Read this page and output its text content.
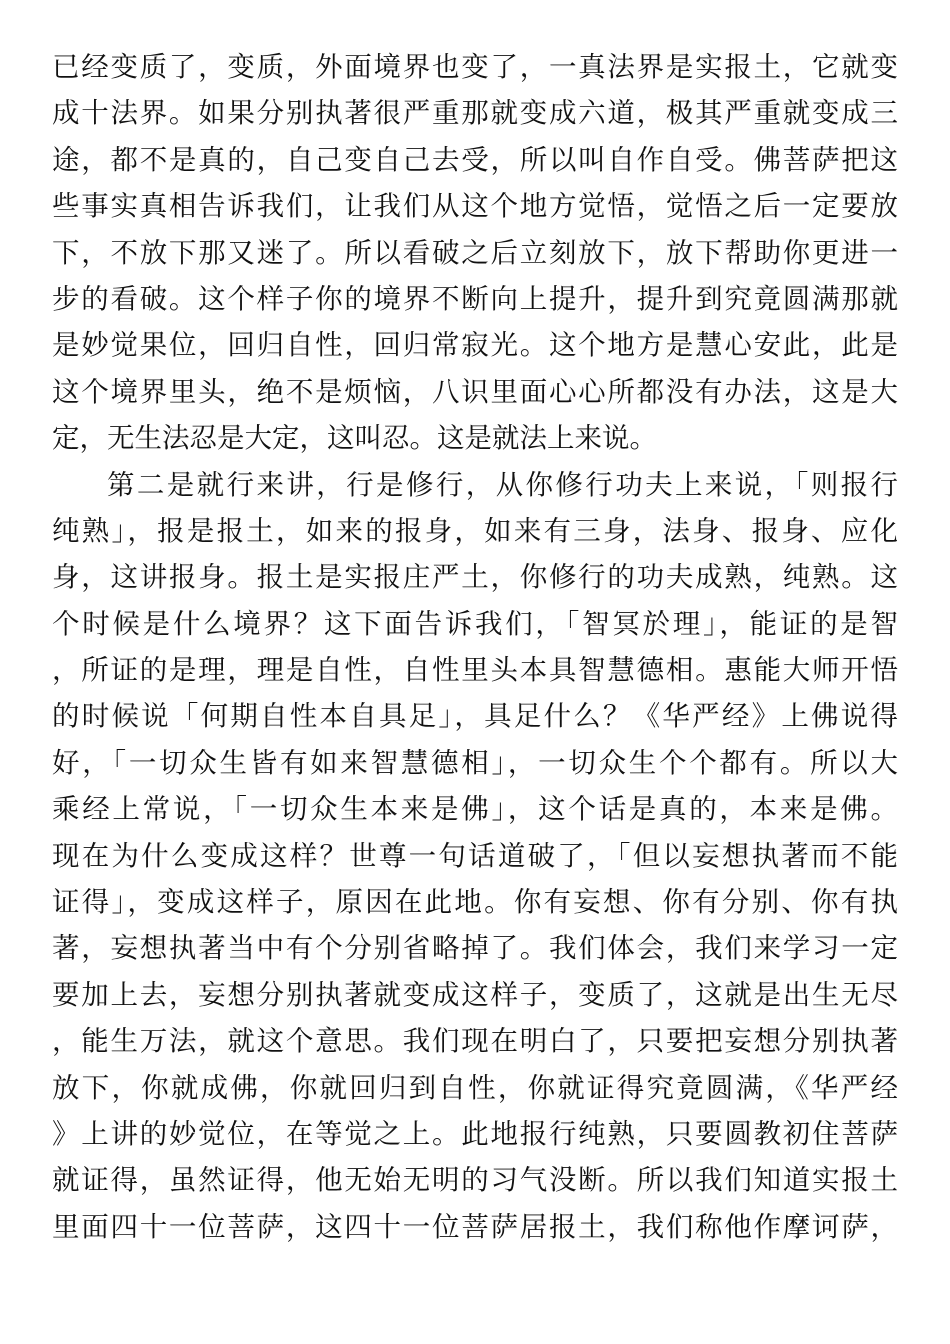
已经变质了，变质，外面境界也变了，一真法界是实报土，它就变
成十法界。如果分别执著很严重那就变成六道，极其严重就变成三
途，都不是真的，自己变自己去受，所以叫自作自受。佛菩萨把这
些事实真相告诉我们，让我们从这个地方觉悟，觉悟之后一定要放
下，不放下那又迷了。所以看破之后立刻放下，放下帮助你更进一
步的看破。这个样子你的境界不断向上提升，提升到究竟圆满那就
是妙觉果位，回归自性，回归常寂光。这个地方是慧心安此，此是
这个境界里头，绝不是烦恼，八识里面心心所都没有办法，这是大
定，无生法忍是大定，这叫忍。这是就法上来说。
第二是就行来讲，行是修行，从你修行功夫上来说，「则报行
纯熟」，报是报土，如来的报身，如来有三身，法身、报身、应化
身，这讲报身。报土是实报庄严土，你修行的功夫成熟，纯熟。这
个时候是什么境界？这下面告诉我们，「智冥於理」，能证的是智
，所证的是理，理是自性，自性里头本具智慧德相。惠能大师开悟
的时候说「何期自性本自具足」，具足什么？《华严经》上佛说得
好，「一切众生皆有如来智慧德相」，一切众生个个都有。所以大
乘经上常说，「一切众生本来是佛」，这个话是真的，本来是佛。
现在为什么变成这样？世尊一句话道破了，「但以妄想执著而不能
证得」，变成这样子，原因在此地。你有妄想、你有分别、你有执
著，妄想执著当中有个分别省略掉了。我们体会，我们来学习一定
要加上去，妄想分别执著就变成这样子，变质了，这就是出生无尽
，能生万法，就这个意思。我们现在明白了，只要把妄想分别执著
放下，你就成佛，你就回归到自性，你就证得究竟圆满，《华严经
》上讲的妙觉位，在等觉之上。此地报行纯熟，只要圆教初住菩萨
就证得，虽然证得，他无始无明的习气没断。所以我们知道实报土
里面四十一位菩萨，这四十一位菩萨居报土，我们称他作摩诃萨，
